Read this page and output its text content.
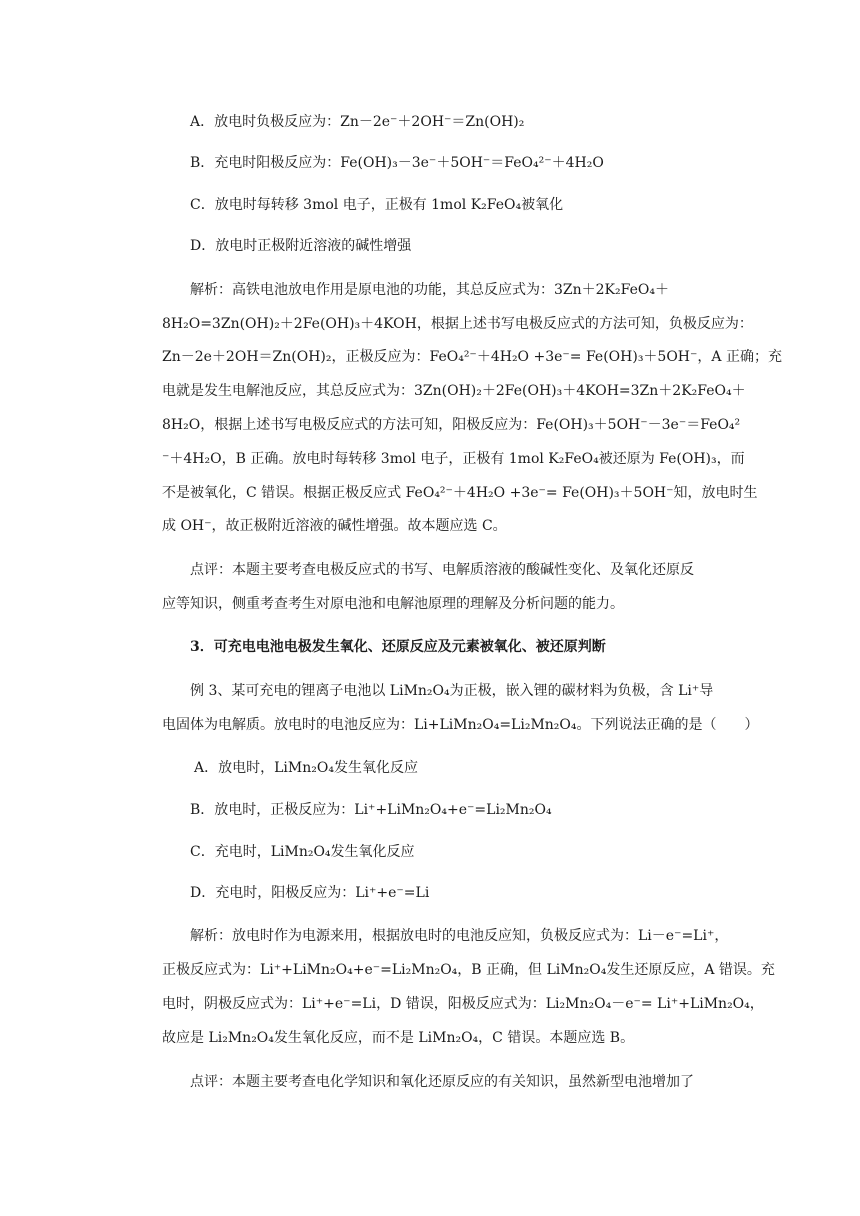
A．放电时负极反应为：Zn－2e⁻＋2OH⁻＝Zn(OH)₂
B．充电时阳极反应为：Fe(OH)₃－3e⁻＋5OH⁻＝FeO₄²⁻＋4H₂O
C．放电时每转移 3mol 电子，正极有 1mol K₂FeO₄被氧化
D．放电时正极附近溶液的碱性增强
解析：高铁电池放电作用是原电池的功能，其总反应式为：3Zn＋2K₂FeO₄＋
8H₂O=3Zn(OH)₂＋2Fe(OH)₃＋4KOH，根据上述书写电极反应式的方法可知，负极反应为：
Zn－2e＋2OH＝Zn(OH)₂，正极反应为：FeO₄²⁻＋4H₂O +3e⁻= Fe(OH)₃＋5OH⁻，A 正确；充
电就是发生电解池反应，其总反应式为：3Zn(OH)₂＋2Fe(OH)₃＋4KOH=3Zn＋2K₂FeO₄＋
8H₂O，根据上述书写电极反应式的方法可知，阳极反应为：Fe(OH)₃＋5OH⁻－3e⁻＝FeO₄²
⁻＋4H₂O，B 正确。放电时每转移 3mol 电子，正极有 1mol K₂FeO₄被还原为 Fe(OH)₃，而
不是被氧化，C 错误。根据正极反应式 FeO₄²⁻＋4H₂O +3e⁻= Fe(OH)₃＋5OH⁻知，放电时生
成 OH⁻，故正极附近溶液的碱性增强。故本题应选 C。
点评：本题主要考查电极反应式的书写、电解质溶液的酸碱性变化、及氧化还原反
应等知识，侧重考查考生对原电池和电解池原理的理解及分析问题的能力。
3．可充电电池电极发生氧化、还原反应及元素被氧化、被还原判断
例 3、某可充电的锂离子电池以 LiMn₂O₄为正极，嵌入锂的碳材料为负极，含 Li⁺导
电固体为电解质。放电时的电池反应为：Li+LiMn₂O₄=Li₂Mn₂O₄。下列说法正确的是（　　）
A．放电时，LiMn₂O₄发生氧化反应
B．放电时，正极反应为：Li⁺+LiMn₂O₄+e⁻=Li₂Mn₂O₄
C．充电时，LiMn₂O₄发生氧化反应
D．充电时，阳极反应为：Li⁺+e⁻=Li
解析：放电时作为电源来用，根据放电时的电池反应知，负极反应式为：Li－e⁻=Li⁺，
正极反应式为：Li⁺+LiMn₂O₄+e⁻=Li₂Mn₂O₄，B 正确，但 LiMn₂O₄发生还原反应，A 错误。充
电时，阴极反应式为：Li⁺+e⁻=Li，D 错误，阳极反应式为：Li₂Mn₂O₄－e⁻= Li⁺+LiMn₂O₄，
故应是 Li₂Mn₂O₄发生氧化反应，而不是 LiMn₂O₄，C 错误。本题应选 B。
点评：本题主要考查电化学知识和氧化还原反应的有关知识，虽然新型电池增加了
